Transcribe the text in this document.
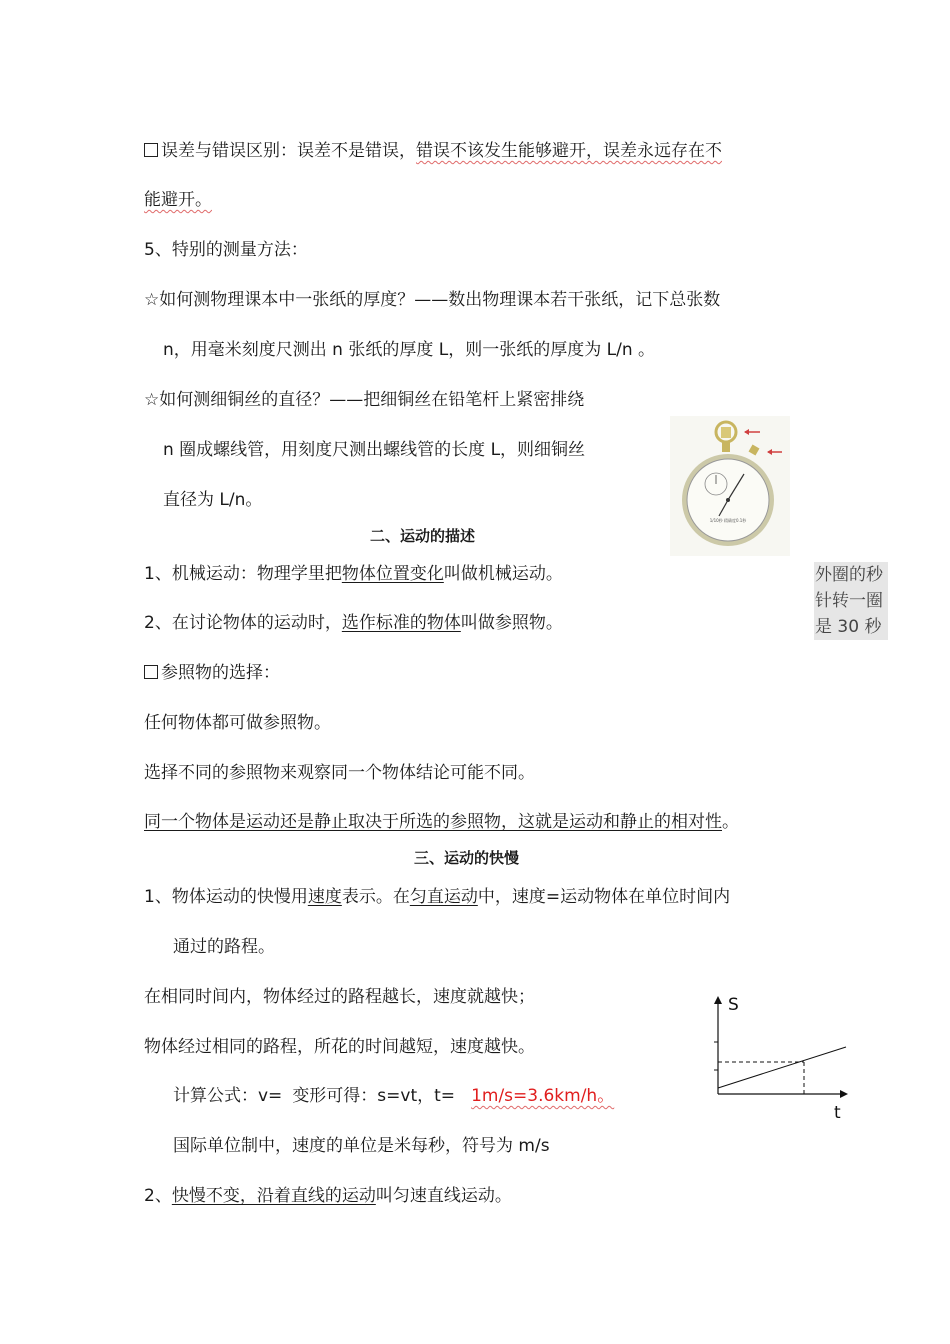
误差与错误区别：误差不是错误，错误不该发生能够避开，误差永远存在不
能避开。
5、特别的测量方法：
☆如何测物理课本中一张纸的厚度？——数出物理课本若干张纸，记下总张数
n，用毫米刻度尺测出 n 张纸的厚度 L，则一张纸的厚度为 L/n 。
☆如何测细铜丝的直径？——把细铜丝在铅笔杆上紧密排绕
n 圈成螺线管，用刻度尺测出螺线管的长度 L，则细铜丝
直径为 L/n。
1/10秒 精确度0.1秒
二、运动的描述
1、机械运动：物理学里把物体位置变化叫做机械运动。	外圈的秒针转一圈是 30 秒
2、在讨论物体的运动时，选作标准的物体叫做参照物。
参照物的选择：
任何物体都可做参照物。
选择不同的参照物来观察同一个物体结论可能不同。
同一个物体是运动还是静止取决于所选的参照物，这就是运动和静止的相对性。
三、运动的快慢
1、物体运动的快慢用速度表示。在匀直运动中，速度=运动物体在单位时间内
通过的路程。
在相同时间内，物体经过的路程越长，速度就越快；
物体经过相同的路程，所花的时间越短，速度越快。
计算公式：v= 变形可得：s=vt，t= 1m/s=3.6km/h。
国际单位制中，速度的单位是米每秒，符号为 m/s
2、快慢不变，沿着直线的运动叫匀速直线运动。
S
t
